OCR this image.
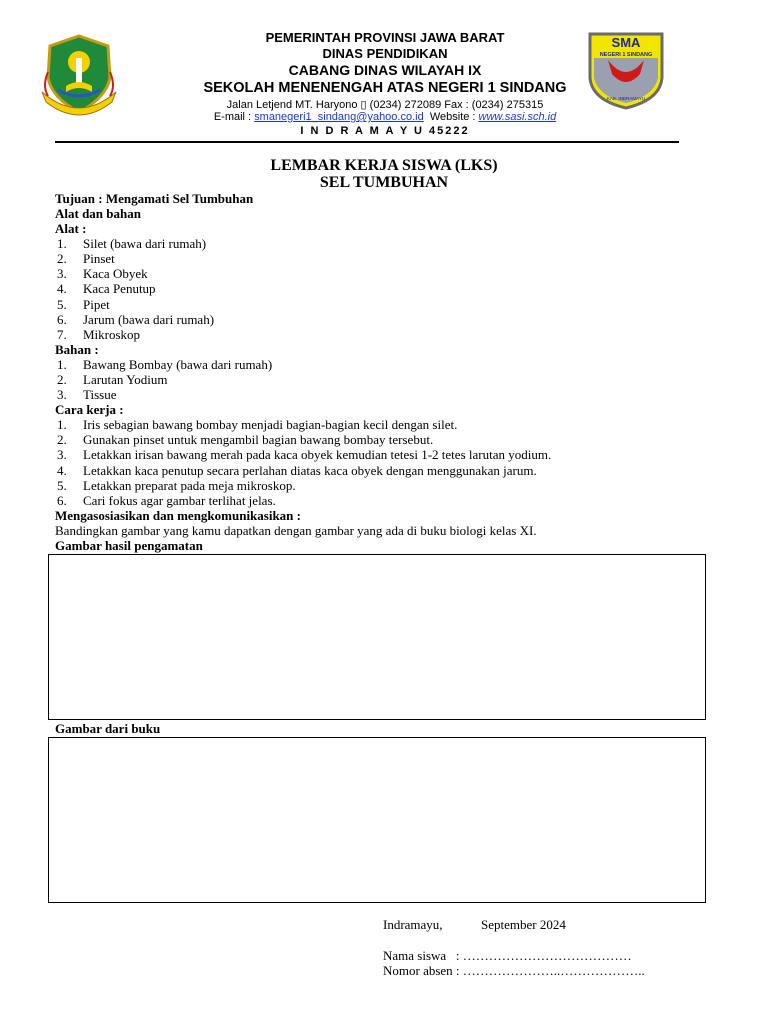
SMA
NEGERI 1 SINDANG
KAB. INDRAMAYU
PEMERINTAH PROVINSI JAWA BARAT
DINAS PENDIDIKAN
CABANG DINAS WILAYAH IX
SEKOLAH MENENENGAH ATAS NEGERI 1 SINDANG
Jalan Letjend MT. Haryono ▯ (0234) 272089 Fax : (0234) 275315
E-mail : smanegeri1_sindang@yahoo.co.id  Website : www.sasi.sch.id
I N D R A M A Y U 45222
LEMBAR KERJA SISWA (LKS)
SEL TUMBUHAN
Tujuan : Mengamati Sel Tumbuhan
Alat dan bahan
Alat :
1. Silet (bawa dari rumah)
2. Pinset
3. Kaca Obyek
4. Kaca Penutup
5. Pipet
6. Jarum (bawa dari rumah)
7. Mikroskop
Bahan :
1. Bawang Bombay (bawa dari rumah)
2. Larutan Yodium
3. Tissue
Cara kerja :
1. Iris sebagian bawang bombay menjadi bagian-bagian kecil dengan silet.
2. Gunakan pinset untuk mengambil bagian bawang bombay tersebut.
3. Letakkan irisan bawang merah pada kaca obyek kemudian tetesi 1-2 tetes larutan yodium.
4. Letakkan kaca penutup secara perlahan diatas kaca obyek dengan menggunakan jarum.
5. Letakkan preparat pada meja mikroskop.
6. Cari fokus agar gambar terlihat jelas.
Mengasosiasikan dan mengkomunikasikan :
Bandingkan gambar yang kamu dapatkan dengan gambar yang ada di buku biologi kelas XI.
Gambar hasil pengamatan
Gambar dari buku
Indramayu,	September 2024
Nama siswa   : …………………………………
Nomor absen : …………………..………………..
